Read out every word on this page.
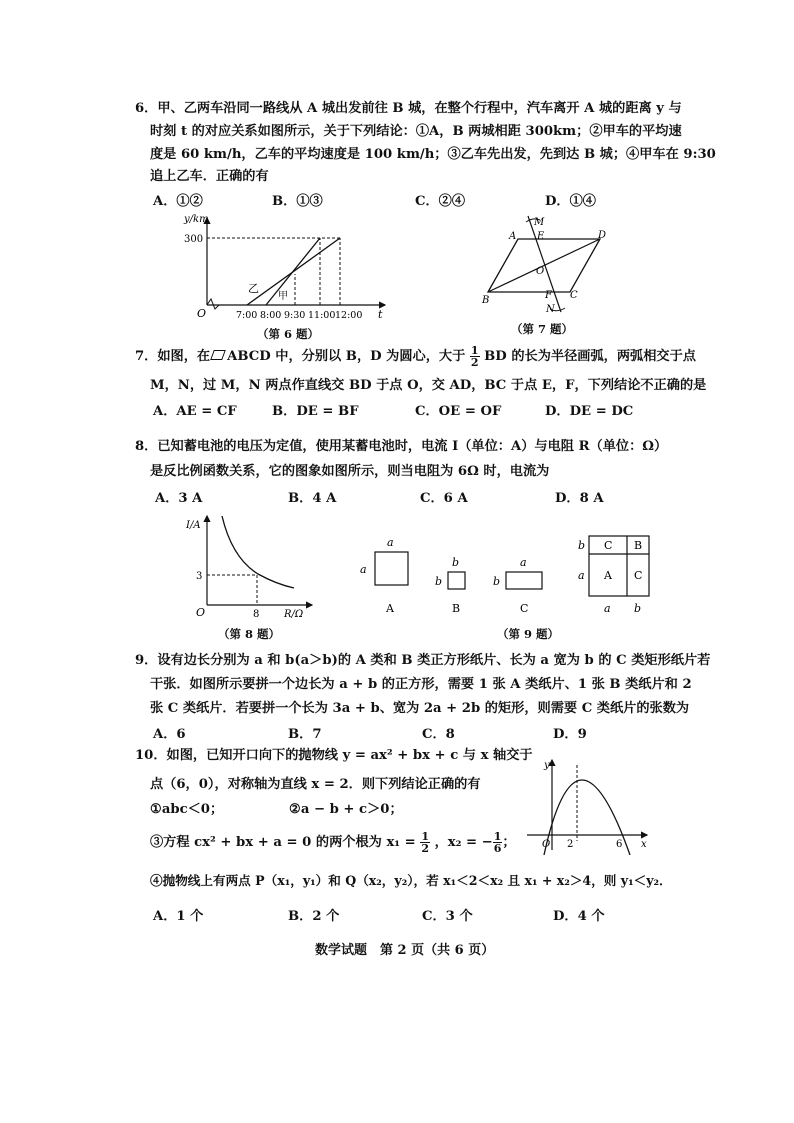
6．甲、乙两车沿同一路线从 A 城出发前往 B 城，在整个行程中，汽车离开 A 城的距离 y 与
时刻 t 的对应关系如图所示，关于下列结论：①A，B 两城相距 300km；②甲车的平均速
度是 60 km/h，乙车的平均速度是 100 km/h；③乙车先出发，先到达 B 城；④甲车在 9:30
追上乙车．正确的有
A．①②	B．①③	C．②④	D．①④
y/km
300
O	7:00 8:00 9:30 11:00 12:00 t
乙
甲
（第 6 题）
M
A E	D
O
B	F C
N
（第 7 题）
7．如图，在 ABCD 中，分别以 B，D 为圆心，大于 $\frac{1}{2}$ BD 的长为半径画弧，两弧相交于点
M，N，过 M，N 两点作直线交 BD 于点 O，交 AD，BC 于点 E，F，下列结论不正确的是
A．AE = CF	B．DE = BF	C．OE = OF	D．DE = DC
8．已知蓄电池的电压为定值，使用某蓄电池时，电流 I（单位：A）与电阻 R（单位：Ω）
是反比例函数关系，它的图象如图所示，则当电阻为 6Ω 时，电流为
A．3 A	B．4 A	C．6 A	D．8 A
I/A
3
O	8 R/Ω
（第 8 题）
a
a
A
b
b
B
a
b
C
C B
A C
b
a
a b
（第 9 题）
9．设有边长分别为 a 和 b(a＞b)的 A 类和 B 类正方形纸片、长为 a 宽为 b 的 C 类矩形纸片若
干张．如图所示要拼一个边长为 a + b 的正方形，需要 1 张 A 类纸片、1 张 B 类纸片和 2
张 C 类纸片．若要拼一个长为 3a + b、宽为 2a + 2b 的矩形，则需要 C 类纸片的张数为
A．6	B．7	C．8	D．9
10．如图，已知开口向下的抛物线 y = ax² + bx + c 与 x 轴交于
点（6，0），对称轴为直线 x = 2．则下列结论正确的有
①abc＜0；	②a − b + c＞0；
③方程 cx² + bx + a = 0 的两个根为 $x_1 = \frac{1}{2}$ ，x₂ = − $\frac{1}{6}$ ；
④抛物线上有两点 P（x₁，y₁）和 Q（x₂，y₂），若 x₁＜2＜x₂ 且 x₁ + x₂＞4，则 y₁＜y₂．
A．1 个	B．2 个	C．3 个	D．4 个
y
x
O 2	6
数学试题　第 2 页（共 6 页）
